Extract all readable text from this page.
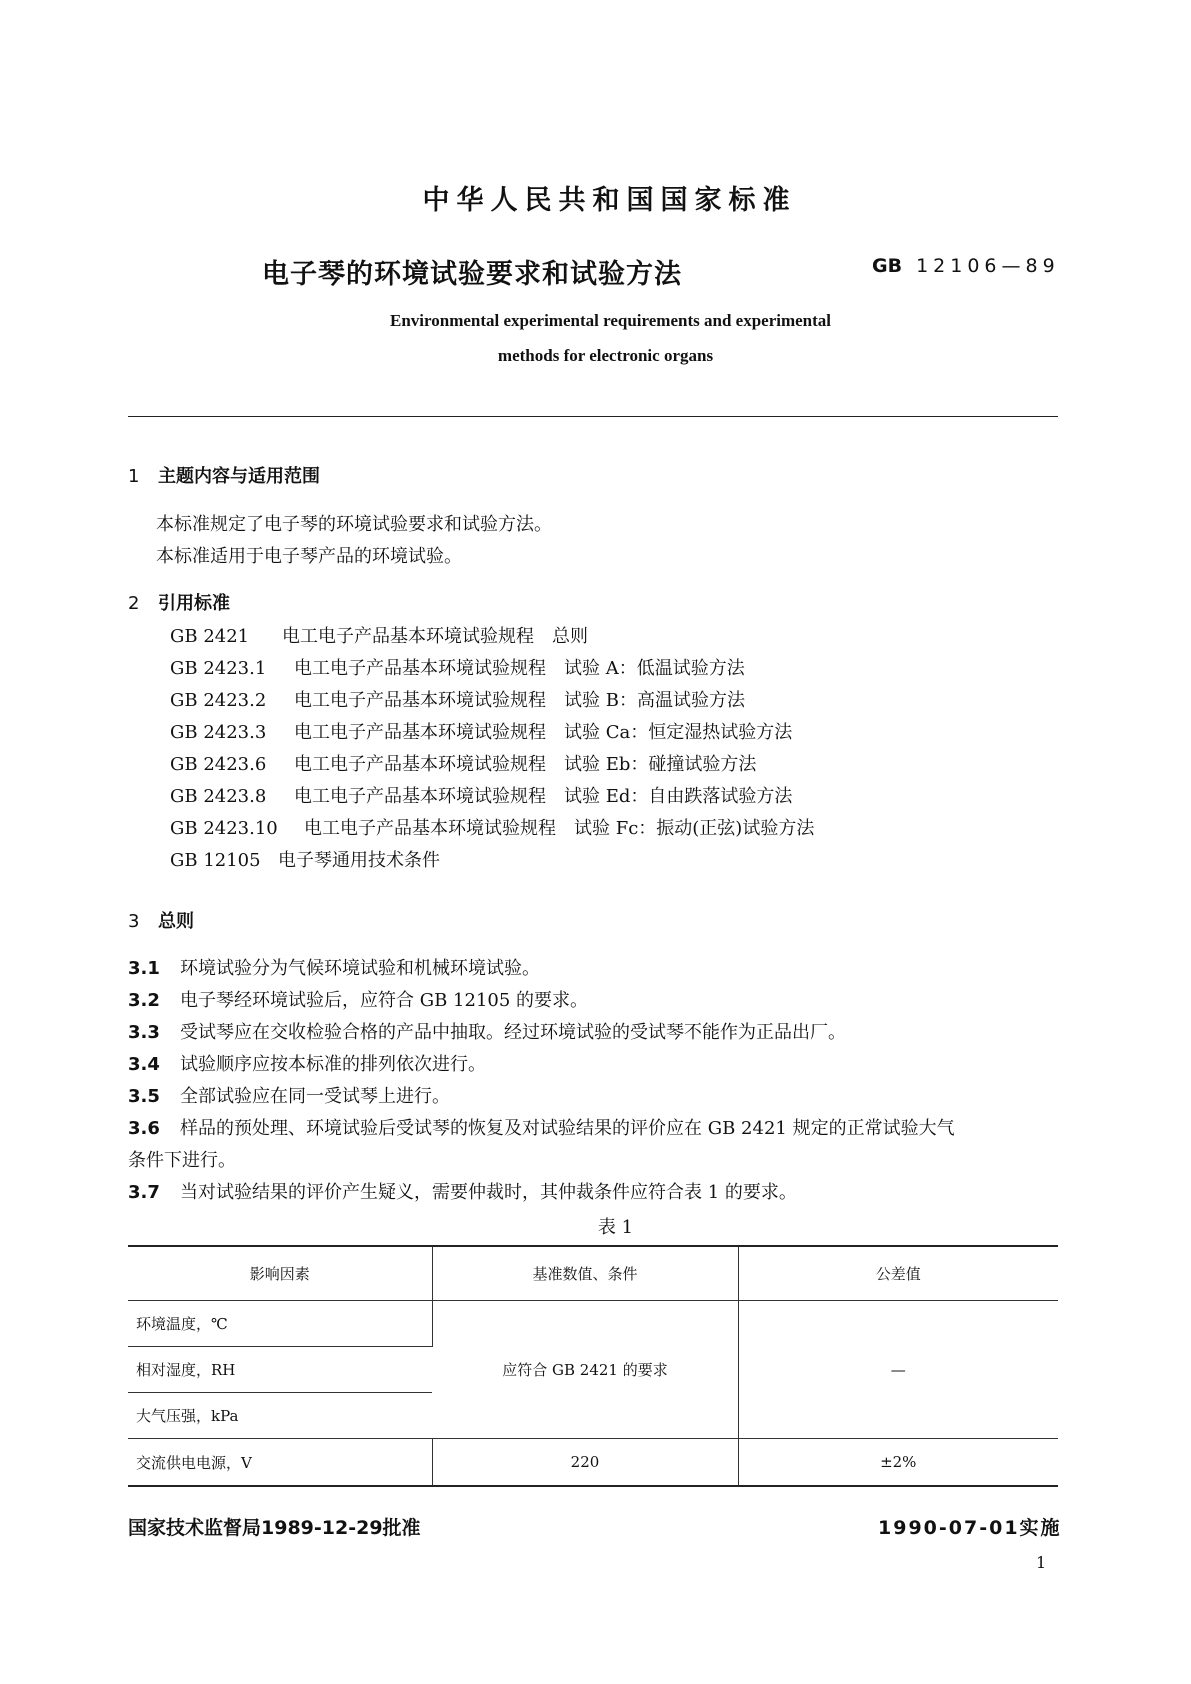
中华人民共和国国家标准
电子琴的环境试验要求和试验方法	GB 12106—89
Environmental experimental requirements and experimental
methods for electronic organs
1 主题内容与适用范围
本标准规定了电子琴的环境试验要求和试验方法。
本标准适用于电子琴产品的环境试验。
2 引用标准
GB 2421 电工电子产品基本环境试验规程　总则
GB 2423.1 电工电子产品基本环境试验规程　试验 A：低温试验方法
GB 2423.2 电工电子产品基本环境试验规程　试验 B：高温试验方法
GB 2423.3 电工电子产品基本环境试验规程　试验 Ca：恒定湿热试验方法
GB 2423.6 电工电子产品基本环境试验规程　试验 Eb：碰撞试验方法
GB 2423.8 电工电子产品基本环境试验规程　试验 Ed：自由跌落试验方法
GB 2423.10 电工电子产品基本环境试验规程　试验 Fc：振动(正弦)试验方法
GB 12105 电子琴通用技术条件
3 总则
3.1 环境试验分为气候环境试验和机械环境试验。
3.2 电子琴经环境试验后，应符合 GB 12105 的要求。
3.3 受试琴应在交收检验合格的产品中抽取。经过环境试验的受试琴不能作为正品出厂。
3.4 试验顺序应按本标准的排列依次进行。
3.5 全部试验应在同一受试琴上进行。
3.6 样品的预处理、环境试验后受试琴的恢复及对试验结果的评价应在 GB 2421 规定的正常试验大气
条件下进行。
3.7 当对试验结果的评价产生疑义，需要仲裁时，其仲裁条件应符合表 1 的要求。
表 1
影响因素	基准数值、条件	公差值
环境温度，℃	应符合 GB 2421 的要求	—
相对湿度，RH		
大气压强，kPa		
交流供电电源，V	220	±2%
国家技术监督局1989-12-29批准	1990-07-01实施
1
